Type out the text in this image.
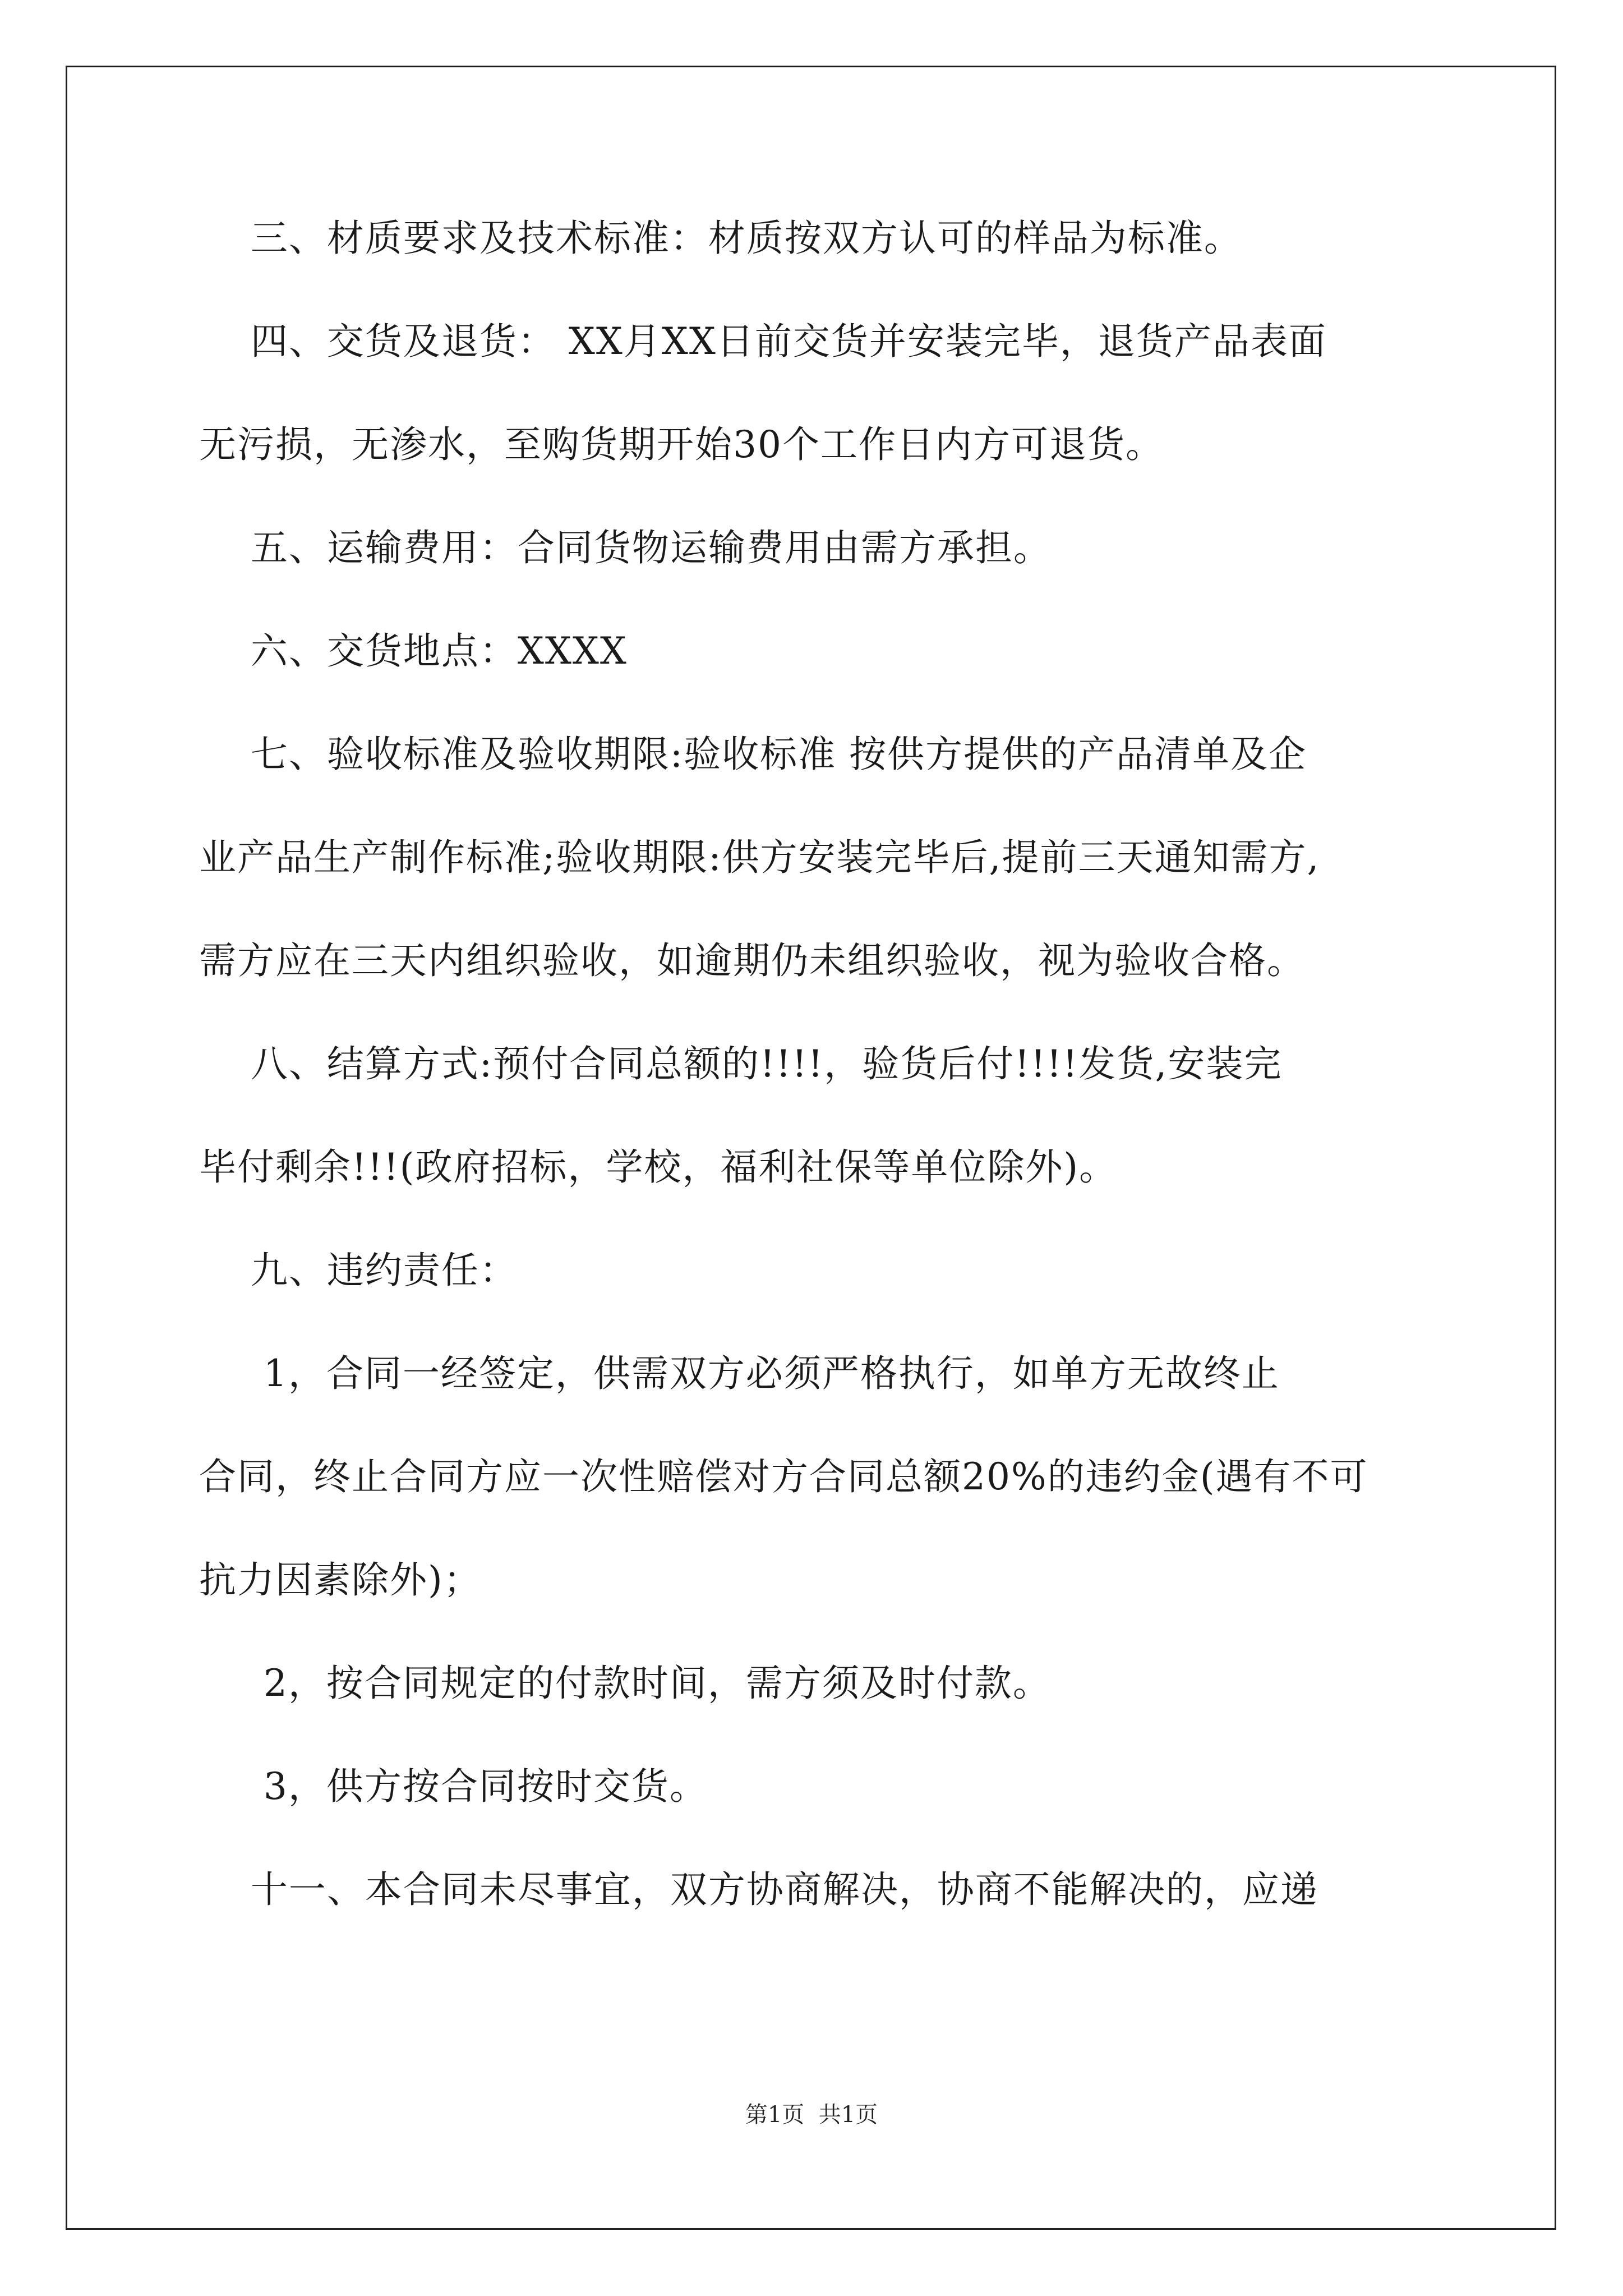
三、材质要求及技术标准：材质按双方认可的样品为标准。

四、交货及退货： XX月XX日前交货并安装完毕，退货产品表面

无污损，无渗水，至购货期开始30个工作日内方可退货。

五、运输费用：合同货物运输费用由需方承担。

六、交货地点：XXXX

七、验收标准及验收期限:验收标准 按供方提供的产品清单及企

业产品生产制作标准;验收期限:供方安装完毕后,提前三天通知需方,

需方应在三天内组织验收，如逾期仍未组织验收，视为验收合格。

八、结算方式:预付合同总额的!!!!，验货后付!!!!发货,安装完

毕付剩余!!!(政府招标，学校，福利社保等单位除外)。

九、违约责任：

1，合同一经签定，供需双方必须严格执行，如单方无故终止

合同，终止合同方应一次性赔偿对方合同总额20%的违约金(遇有不可

抗力因素除外)；

2，按合同规定的付款时间，需方须及时付款。

3，供方按合同按时交货。

十一、本合同未尽事宜，双方协商解决，协商不能解决的，应递

第1页  共1页
